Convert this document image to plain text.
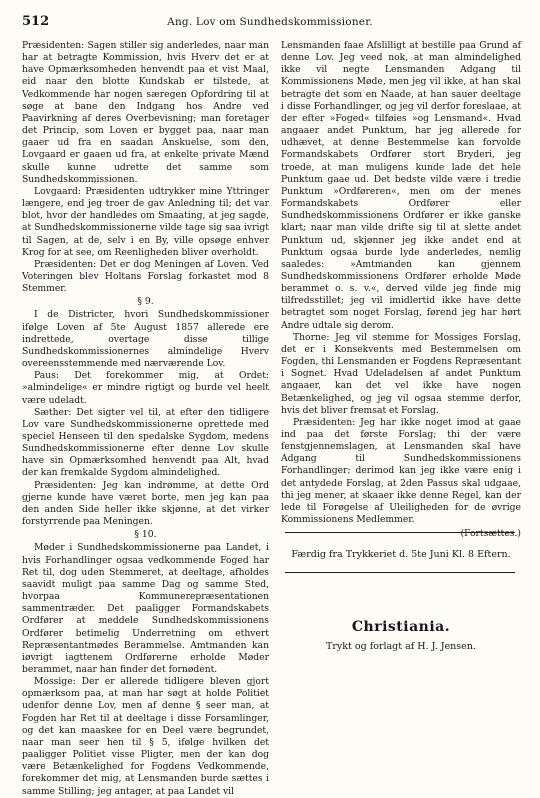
512	Ang. Lov om Sundhedskommissioner.

Præsidenten: Sagen stiller sig anderledes, naar man har at betragte Kommission, hvis Hverv det er at have Opmærksomheden henvendt paa et vist Maal, eid naar den blotte Kundskab er tilstede, at Vedkommende har nogen særegen Opfordring til at søge at bane den Indgang hos Andre ved Paavirkning af deres Overbevisning; man foretager det Princip, som Loven er bygget paa, naar man gaaer ud fra en saadan Anskuelse, som den, Lovgaard er gaaen ud fra, at enkelte private Mænd skulle kunne udrette det samme som Sundhedskommissionen.

Lovgaard: Præsidenten udtrykker mine Yttringer længere, end jeg troer de gav Anledning til; det var blot, hvor der handledes om Smaating, at jeg sagde, at Sundhedskommissionerne vilde tage sig saa ivrigt til Sagen, at de, selv i en By, ville opsøge enhver Krog for at see, om Reenligheden bliver overholdt.

Præsidenten: Det er dog Meningen af Loven. Ved Voteringen blev Holtans Forslag forkastet mod 8 Stemmer.

§ 9.

I de Districter, hvori Sundhedskommissioner ifølge Loven af 5te August 1857 allerede ere indrettede, overtage disse tillige Sundhedskommissionernes almindelige Hverv overeensstemmende med nærværende Lov.

Paus: Det forekommer mig, at Ordet: »almindelige« er mindre rigtigt og burde vel heelt være udeladt.

Sæther: Det sigter vel til, at efter den tidligere Lov vare Sundhedskommissionerne oprettede med speciel Henseen til den spedalske Sygdom, medens Sundhedskommissionerne efter denne Lov skulle have sin Opmærksomhed henvendt paa Alt, hvad der kan fremkalde Sygdom almindelighed.

Præsidenten: Jeg kan indrømme, at dette Ord gjerne kunde have været borte, men jeg kan paa den anden Side heller ikke skjønne, at det virker forstyrrende paa Meningen.

§ 10.

Møder i Sundhedskommissionerne paa Landet, i hvis Forhandlinger ogsaa vedkommende Foged har Ret til, dog uden Stemmeret, at deeltage, afholdes saavidt muligt paa samme Dag og samme Sted, hvorpaa Kommunerepræsentationen sammentræder. Det paaligger Formandskabets Ordfører at meddele Sundhedskommissionens Ordfører betimelig Underretning om ethvert Repræsentantmødes Berammelse. Amtmanden kan iøvrigt iagttenem Ordførerne erholde Møder berammet, naar han finder det fornødent.

Mossige: Der er allerede tidligere bleven gjort opmærksom paa, at man har søgt at holde Politiet udenfor denne Lov, men af denne § seer man, at Fogden har Ret til at deeltage i disse Forsamlinger, og det kan maaskee for en Deel være begrundet, naar man seer hen til § 5, ifølge hvilken det paaligger Politiet visse Pligter, men der kan dog være Betænkelighed for Fogdens Vedkommende, forekommer det mig, at Lensmanden burde sættes i samme Stilling; jeg antager, at paa Landet vil

Lensmanden faae Afslilligt at bestille paa Grund af denne Lov. Jeg veed nok, at man almindelighed ikke vil negte Lensmanden Adgang til Kommissionens Møde, men jeg vil ikke, at han skal betragte det som en Naade, at han sauer deeltage i disse Forhandlinger, og jeg vil derfor foreslaae, at der efter »Foged« tilføies »og Lensmand«. Hvad angaaer andet Punktum, har jeg allerede for udhævet, at denne Bestemmelse kan forvolde Formandskabets Ordfører stort Bryderi, jeg troede, at man muligens kunde lade det hele Punktum gaae ud. Det bedste vilde være i tredie Punktum »Ordføreren«, men om der menes Formandskabets Ordfører eller Sundhedskommissionens Ordfører er ikke ganske klart; naar man vilde drifte sig til at slette andet Punktum ud, skjønner jeg ikke andet end at Punktum ogsaa burde lyde anderledes, nemlig saaledes: »Amtmanden kan gjennem Sundhedskommissionens Ordfører erholde Møde berammet o. s. v.«, derved vilde jeg finde mig tilfredsstillet; jeg vil imidlertid ikke have dette betragtet som noget Forslag, førend jeg har hørt Andre udtale sig derom.

Thorne: Jeg vil stemme for Mossiges Forslag, det er i Konsekvents med Bestemmelsen om Fogden, thi Lensmanden er Fogdens Repræsentant i Sognet. Hvad Udeladelsen af andet Punktum angaaer, kan det vel ikke have nogen Betænkelighed, og jeg vil ogsaa stemme derfor, hvis det bliver fremsat et Forslag.

Præsidenten: Jeg har ikke noget imod at gaae ind paa det første Forslag; thi der være fenstgjennemslagen, at Lensmanden skal have Adgang til Sundhedskommissionens Forhandlinger; derimod kan jeg ikke være enig i det antydede Forslag, at 2den Passus skal udgaae, thi jeg mener, at skaaer ikke denne Regel, kan der lede til Forøgelse af Uleiligheden for de øvrige Kommissionens Medlemmer.

(Fortsættes.)

Færdig fra Trykkeriet d. 5te Juni Kl. 8 Eftern.
Christiania.
Trykt og forlagt af H. J. Jensen.
